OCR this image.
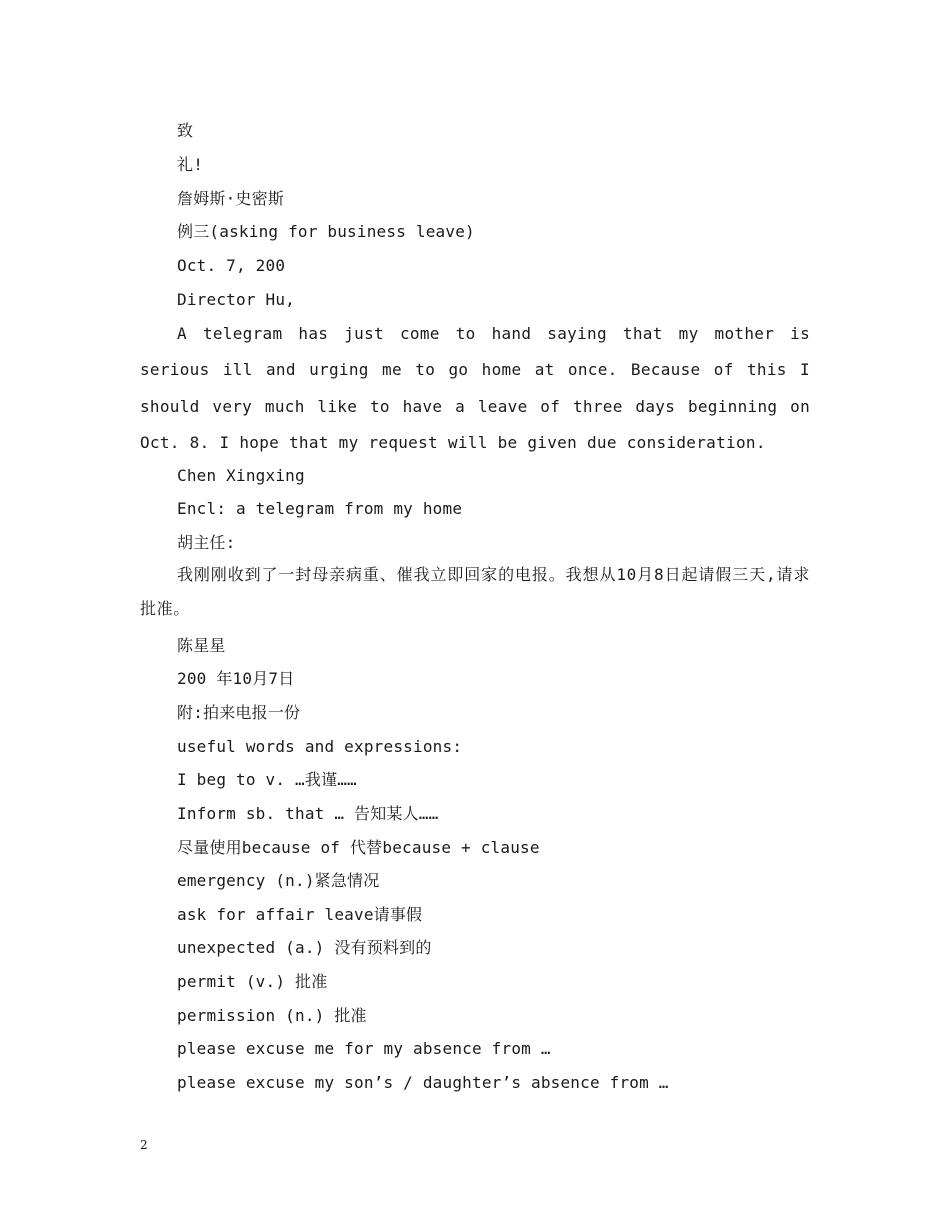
致
礼!
詹姆斯·史密斯
例三(asking for business leave)
Oct. 7, 200
Director Hu,

A telegram has just come to hand saying that my mother is serious ill and urging me to go home at once. Because of this I should very much like to have a leave of three days beginning on Oct. 8. I hope that my request will be given due consideration.

Chen Xingxing
Encl: a telegram from my home
胡主任:

我刚刚收到了一封母亲病重、催我立即回家的电报。我想从10月8日起请假三天,请求批准。

陈星星
200 年10月7日
附:拍来电报一份
useful words and expressions:
I beg to v. …我谨……
Inform sb. that … 告知某人……
尽量使用because of 代替because + clause
emergency (n.)紧急情况
ask for affair leave请事假
unexpected (a.) 没有预料到的
permit (v.) 批准
permission (n.) 批准
please excuse me for my absence from …
please excuse my son’s / daughter’s absence from …
2
